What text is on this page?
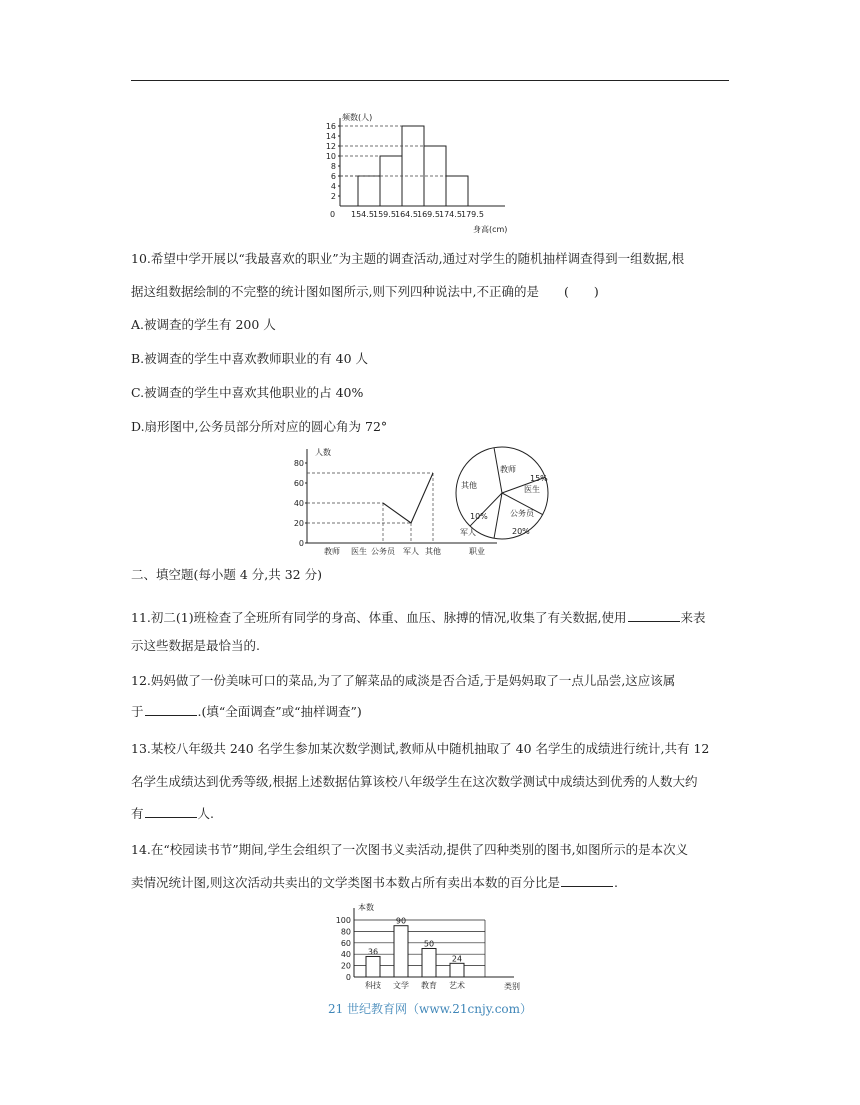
频数(人)
身高(cm)
0
2
4
6
8
10
12
14
16
154.5 159.5 164.5 169.5 174.5 179.5
10.希望中学开展以“我最喜欢的职业”为主题的调查活动,通过对学生的随机抽样调查得到一组数据,根
据这组数据绘制的不完整的统计图如图所示,则下列四种说法中,不正确的是　　(　　)
A.被调查的学生有 200 人
B.被调查的学生中喜欢教师职业的有 40 人
C.被调查的学生中喜欢其他职业的占 40%
D.扇形图中,公务员部分所对应的圆心角为 72°
人数
职业
0
20
40
60
80
教师 医生 公务员 军人 其他
教师
医生
公务员
军人
其他
15%
20%
10%
二、填空题(每小题 4 分,共 32 分)
11.初二(1)班检查了全班所有同学的身高、体重、血压、脉搏的情况,收集了有关数据,使用	来表
示这些数据是最恰当的.
12.妈妈做了一份美味可口的菜品,为了了解菜品的咸淡是否合适,于是妈妈取了一点儿品尝,这应该属
于	.(填“全面调查”或“抽样调查”)
13.某校八年级共 240 名学生参加某次数学测试,教师从中随机抽取了 40 名学生的成绩进行统计,共有 12
名学生成绩达到优秀等级,根据上述数据估算该校八年级学生在这次数学测试中成绩达到优秀的人数大约
有	人.
14.在“校园读书节”期间,学生会组织了一次图书义卖活动,提供了四种类别的图书,如图所示的是本次义
卖情况统计图,则这次活动共卖出的文学类图书本数占所有卖出本数的百分比是	.
本数
类别
0
20
40
60
80
100
36
科技
90
文学
50
教育
24
艺术
21 世纪教育网（www.21cnjy.com）
